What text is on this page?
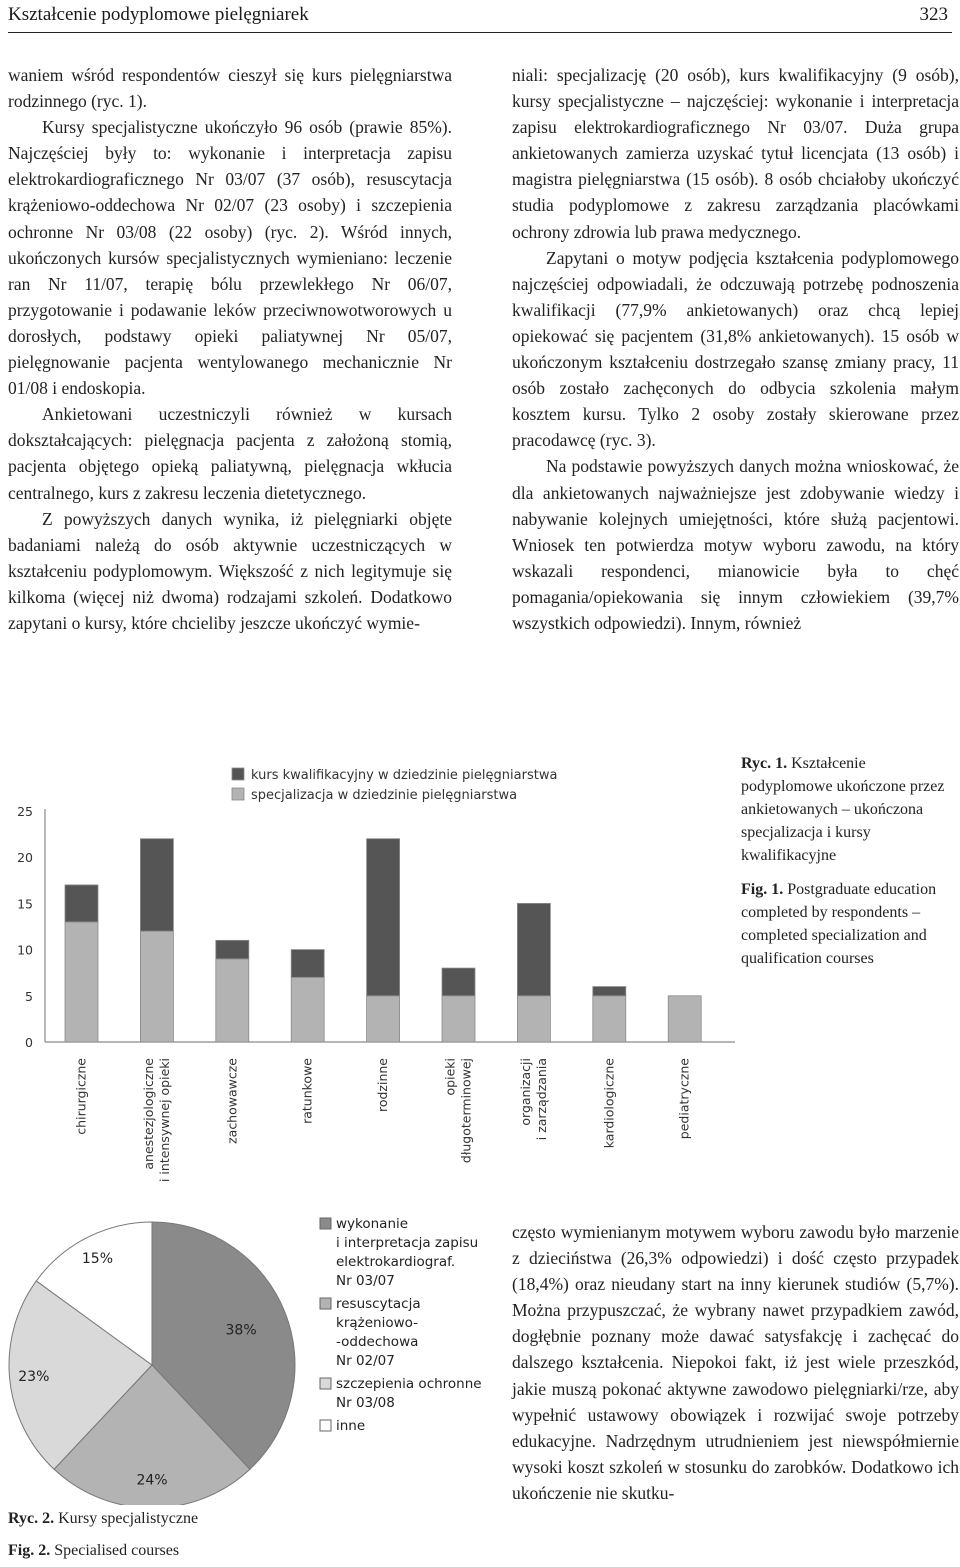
Kształcenie podyplomowe pielęgniarek	323

waniem wśród respondentów cieszył się kurs pielęgniarstwa rodzinnego (ryc. 1).

Kursy specjalistyczne ukończyło 96 osób (prawie 85%). Najczęściej były to: wykonanie i interpretacja zapisu elektrokardiograficznego Nr 03/07 (37 osób), resuscytacja krążeniowo-oddechowa Nr 02/07 (23 osoby) i szczepienia ochronne Nr 03/08 (22 osoby) (ryc. 2). Wśród innych, ukończonych kursów specjalistycznych wymieniano: leczenie ran Nr 11/07, terapię bólu przewlekłego Nr 06/07, przygotowanie i podawanie leków przeciwnowotworowych u dorosłych, podstawy opieki paliatywnej Nr 05/07, pielęgnowanie pacjenta wentylowanego mechanicznie Nr 01/08 i endoskopia.

Ankietowani uczestniczyli również w kursach dokształcających: pielęgnacja pacjenta z założoną stomią, pacjenta objętego opieką paliatywną, pielęgnacja wkłucia centralnego, kurs z zakresu leczenia dietetycznego.

Z powyższych danych wynika, iż pielęgniarki objęte badaniami należą do osób aktywnie uczestniczących w kształceniu podyplomowym. Większość z nich legitymuje się kilkoma (więcej niż dwoma) rodzajami szkoleń. Dodatkowo zapytani o kursy, które chcieliby jeszcze ukończyć wymie-

niali: specjalizację (20 osób), kurs kwalifikacyjny (9 osób), kursy specjalistyczne – najczęściej: wykonanie i interpretacja zapisu elektrokardiograficznego Nr 03/07. Duża grupa ankietowanych zamierza uzyskać tytuł licencjata (13 osób) i magistra pielęgniarstwa (15 osób). 8 osób chciałoby ukończyć studia podyplomowe z zakresu zarządzania placówkami ochrony zdrowia lub prawa medycznego.

Zapytani o motyw podjęcia kształcenia podyplomowego najczęściej odpowiadali, że odczuwają potrzebę podnoszenia kwalifikacji (77,9% ankietowanych) oraz chcą lepiej opiekować się pacjentem (31,8% ankietowanych). 15 osób w ukończonym kształceniu dostrzegało szansę zmiany pracy, 11 osób zostało zachęconych do odbycia szkolenia małym kosztem kursu. Tylko 2 osoby zostały skierowane przez pracodawcę (ryc. 3).

Na podstawie powyższych danych można wnioskować, że dla ankietowanych najważniejsze jest zdobywanie wiedzy i nabywanie kolejnych umiejętności, które służą pacjentowi. Wniosek ten potwierdza motyw wyboru zawodu, na który wskazali respondenci, mianowicie była to chęć pomagania/opiekowania się innym człowiekiem (39,7% wszystkich odpowiedzi). Innym, również

0
5
10
15
20
25
chirurgiczne	anestezjologiczne i intensywnej opieki	zachowawcze	ratunkowe	rodzinne	opieki długoterminowej	organizacji i zarządzania	kardiologiczne	pediatryczne
kurs kwalifikacyjny w dziedzinie pielęgniarstwa
specjalizacja w dziedzinie pielęgniarstwa
Ryc. 1. Kształcenie podyplomowe ukończone przez ankietowanych – ukończona specjalizacja i kursy kwalifikacyjne
Fig. 1. Postgraduate education completed by respondents – completed specialization and qualification courses
38%
24%
23%
15%
wykonanie
i interpretacja zapisu
elektrokardiograf.
Nr 03/07
resuscytacja
krążeniowo-
-oddechowa
Nr 02/07
szczepienia ochronne
Nr 03/08
inne
Ryc. 2. Kursy specjalistyczne
Fig. 2. Specialised courses

często wymienianym motywem wyboru zawodu było marzenie z dzieciństwa (26,3% odpowiedzi) i dość często przypadek (18,4%) oraz nieudany start na inny kierunek studiów (5,7%). Można przypuszczać, że wybrany nawet przypadkiem zawód, dogłębnie poznany może dawać satysfakcję i zachęcać do dalszego kształcenia. Niepokoi fakt, iż jest wiele przeszkód, jakie muszą pokonać aktywne zawodowo pielęgniarki/rze, aby wypełnić ustawowy obowiązek i rozwijać swoje potrzeby edukacyjne. Nadrzędnym utrudnieniem jest niewspółmiernie wysoki koszt szkoleń w stosunku do zarobków. Dodatkowo ich ukończenie nie skutku-
